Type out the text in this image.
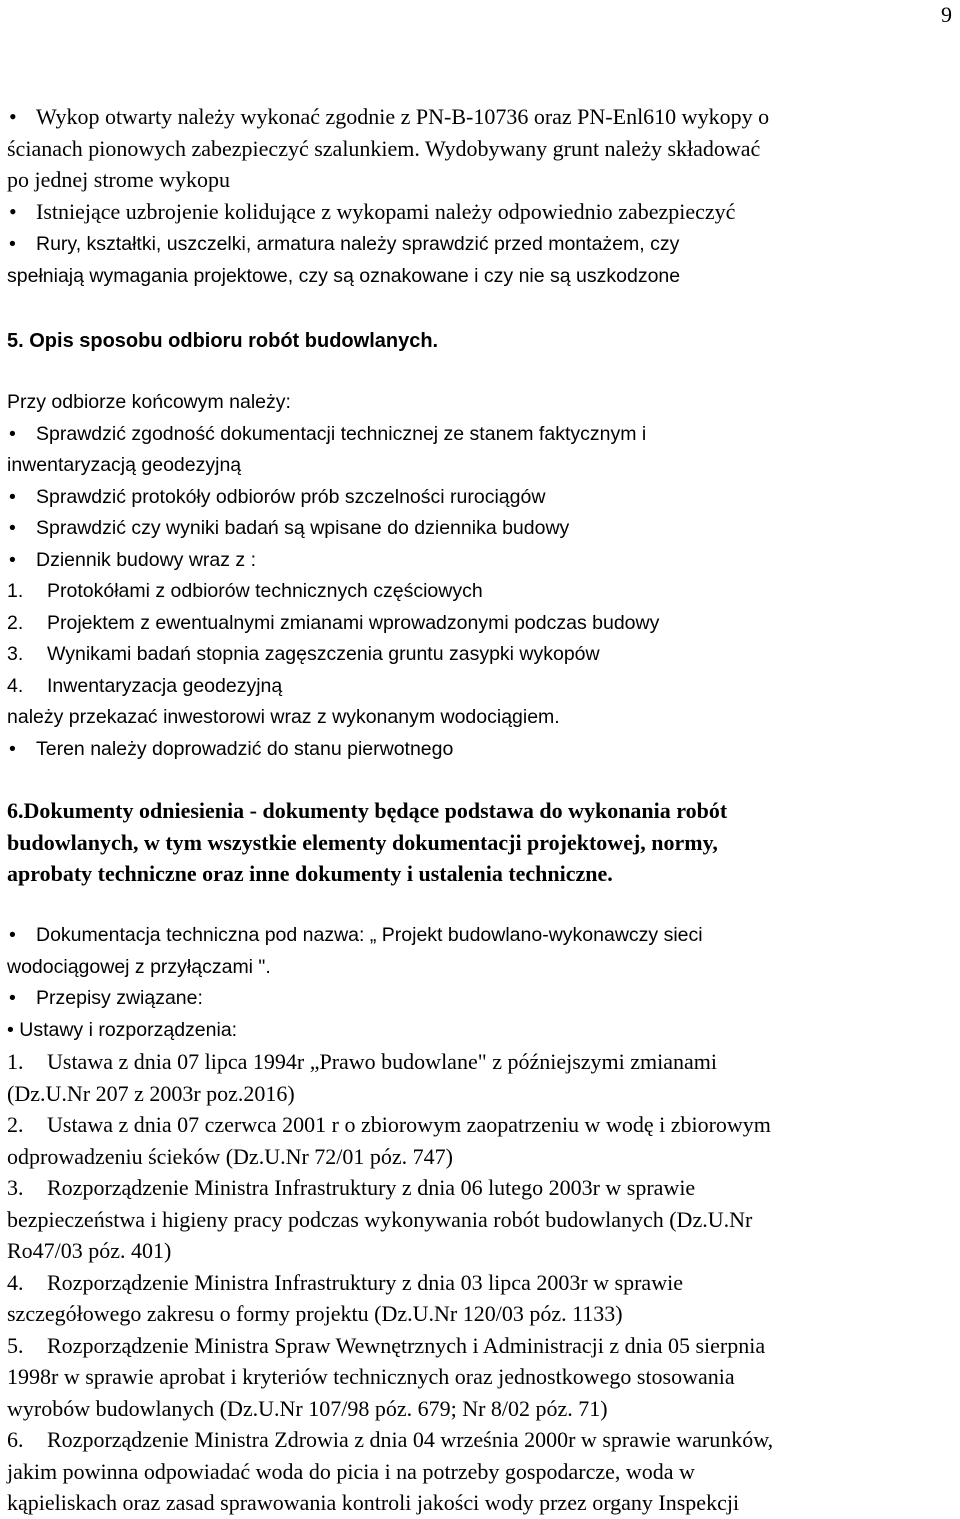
9
• Wykop otwarty należy wykonać zgodnie z PN-B-10736 oraz PN-Enl610 wykopy o
ścianach pionowych zabezpieczyć szalunkiem. Wydobywany grunt należy składować
po jednej strome wykopu
• Istniejące uzbrojenie kolidujące z wykopami należy odpowiednio zabezpieczyć
• Rury, kształtki, uszczelki, armatura należy sprawdzić przed montażem, czy
spełniają wymagania projektowe, czy są oznakowane i czy nie są uszkodzone
5. Opis sposobu odbioru robót budowlanych.
Przy odbiorze końcowym należy:
• Sprawdzić zgodność dokumentacji technicznej ze stanem faktycznym i
inwentaryzacją geodezyjną
• Sprawdzić protokóły odbiorów prób szczelności rurociągów
• Sprawdzić czy wyniki badań są wpisane do dziennika budowy
• Dziennik budowy wraz z :
1. Protokółami z odbiorów technicznych częściowych
2. Projektem z ewentualnymi zmianami wprowadzonymi podczas budowy
3. Wynikami badań stopnia zagęszczenia gruntu zasypki wykopów
4. Inwentaryzacja geodezyjną
należy przekazać inwestorowi wraz z wykonanym wodociągiem.
• Teren należy doprowadzić do stanu pierwotnego
6.Dokumenty odniesienia - dokumenty będące podstawa do wykonania robót
budowlanych, w tym wszystkie elementy dokumentacji projektowej, normy,
aprobaty techniczne oraz inne dokumenty i ustalenia techniczne.
• Dokumentacja techniczna pod nazwa: „ Projekt budowlano-wykonawczy sieci
wodociągowej z przyłączami ".
• Przepisy związane:
• Ustawy i rozporządzenia:
1. Ustawa z dnia 07 lipca 1994r „Prawo budowlane" z późniejszymi zmianami
(Dz.U.Nr 207 z 2003r poz.2016)
2. Ustawa z dnia 07 czerwca 2001 r o zbiorowym zaopatrzeniu w wodę i zbiorowym
odprowadzeniu ścieków (Dz.U.Nr 72/01 póz. 747)
3. Rozporządzenie Ministra Infrastruktury z dnia 06 lutego 2003r w sprawie
bezpieczeństwa i higieny pracy podczas wykonywania robót budowlanych (Dz.U.Nr
Ro47/03 póz. 401)
4. Rozporządzenie Ministra Infrastruktury z dnia 03 lipca 2003r w sprawie
szczegółowego zakresu o formy projektu (Dz.U.Nr 120/03 póz. 1133)
5. Rozporządzenie Ministra Spraw Wewnętrznych i Administracji z dnia 05 sierpnia
1998r w sprawie aprobat i kryteriów technicznych oraz jednostkowego stosowania
wyrobów budowlanych (Dz.U.Nr 107/98 póz. 679; Nr 8/02 póz. 71)
6. Rozporządzenie Ministra Zdrowia z dnia 04 września 2000r w sprawie warunków,
jakim powinna odpowiadać woda do picia i na potrzeby gospodarcze, woda w
kąpieliskach oraz zasad sprawowania kontroli jakości wody przez organy Inspekcji
